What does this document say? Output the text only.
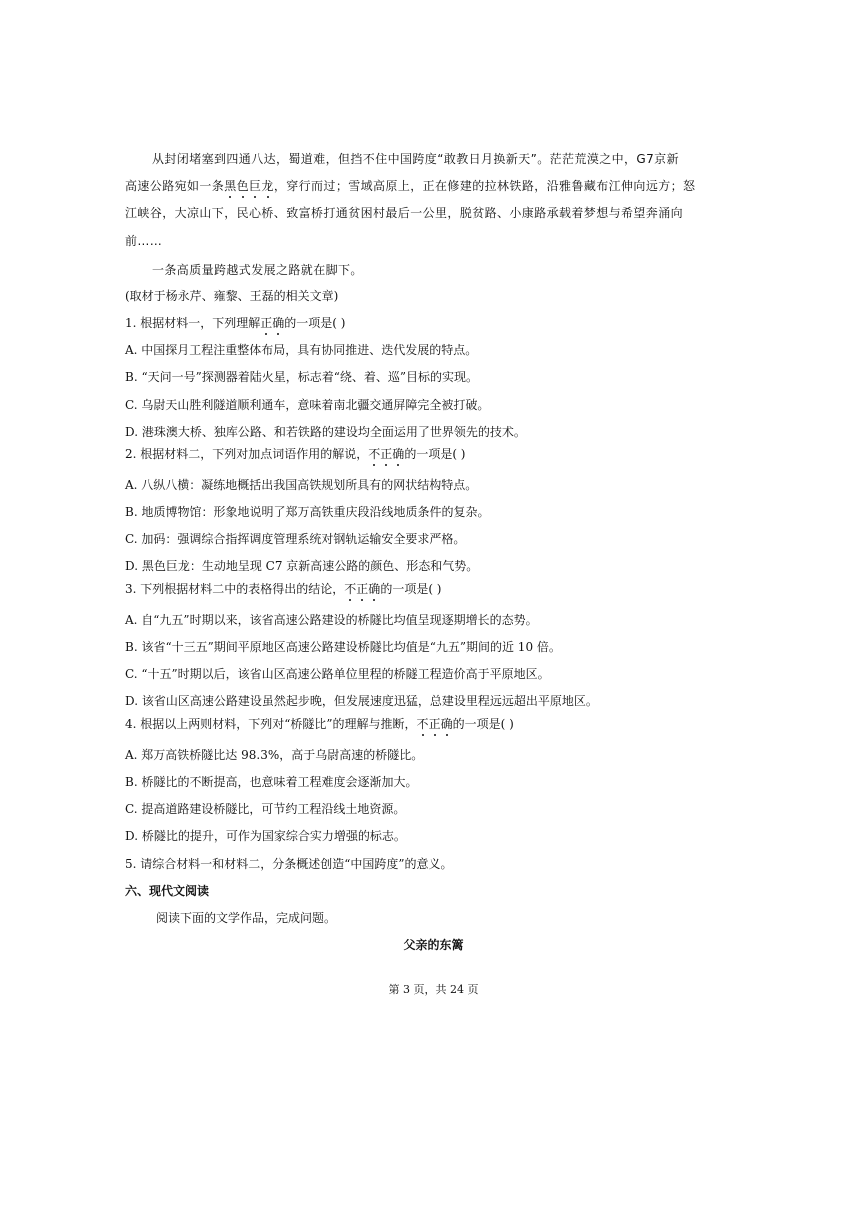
从封闭堵塞到四通八达，蜀道难，但挡不住中国跨度“敢教日月换新天”。茫茫荒漠之中，G7京新
高速公路宛如一条黑色巨龙，穿行而过；雪域高原上，正在修建的拉林铁路，沿雅鲁藏布江伸向远方；怒
江峡谷，大凉山下，民心桥、致富桥打通贫困村最后一公里，脱贫路、小康路承载着梦想与希望奔涌向
前……
一条高质量跨越式发展之路就在脚下。
(取材于杨永芹、雍黎、王磊的相关文章)
1. 根据材料一，下列理解正确的一项是( )
A. 中国探月工程注重整体布局，具有协同推进、迭代发展的特点。
B. “天问一号”探测器着陆火星，标志着“绕、着、巡”目标的实现。
C. 乌尉天山胜利隧道顺利通车，意味着南北疆交通屏障完全被打破。
D. 港珠澳大桥、独库公路、和若铁路的建设均全面运用了世界领先的技术。
2. 根据材料二，下列对加点词语作用的解说，不正确的一项是( )
A. 八纵八横：凝练地概括出我国高铁规划所具有的网状结构特点。
B. 地质博物馆：形象地说明了郑万高铁重庆段沿线地质条件的复杂。
C. 加码：强调综合指挥调度管理系统对钢轨运输安全要求严格。
D. 黑色巨龙：生动地呈现 C7 京新高速公路的颜色、形态和气势。
3. 下列根据材料二中的表格得出的结论，不正确的一项是( )
A. 自“九五”时期以来，该省高速公路建设的桥隧比均值呈现逐期增长的态势。
B. 该省“十三五”期间平原地区高速公路建设桥隧比均值是“九五”期间的近 10 倍。
C. “十五”时期以后，该省山区高速公路单位里程的桥隧工程造价高于平原地区。
D. 该省山区高速公路建设虽然起步晚，但发展速度迅猛，总建设里程远远超出平原地区。
4. 根据以上两则材料，下列对“桥隧比”的理解与推断，不正确的一项是( )
A. 郑万高铁桥隧比达 98.3%，高于乌尉高速的桥隧比。
B. 桥隧比的不断提高，也意味着工程难度会逐渐加大。
C. 提高道路建设桥隧比，可节约工程沿线土地资源。
D. 桥隧比的提升，可作为国家综合实力增强的标志。
5. 请综合材料一和材料二，分条概述创造“中国跨度”的意义。
六、现代文阅读
阅读下面的文学作品，完成问题。
父亲的东篱
第 3 页，共 24 页
